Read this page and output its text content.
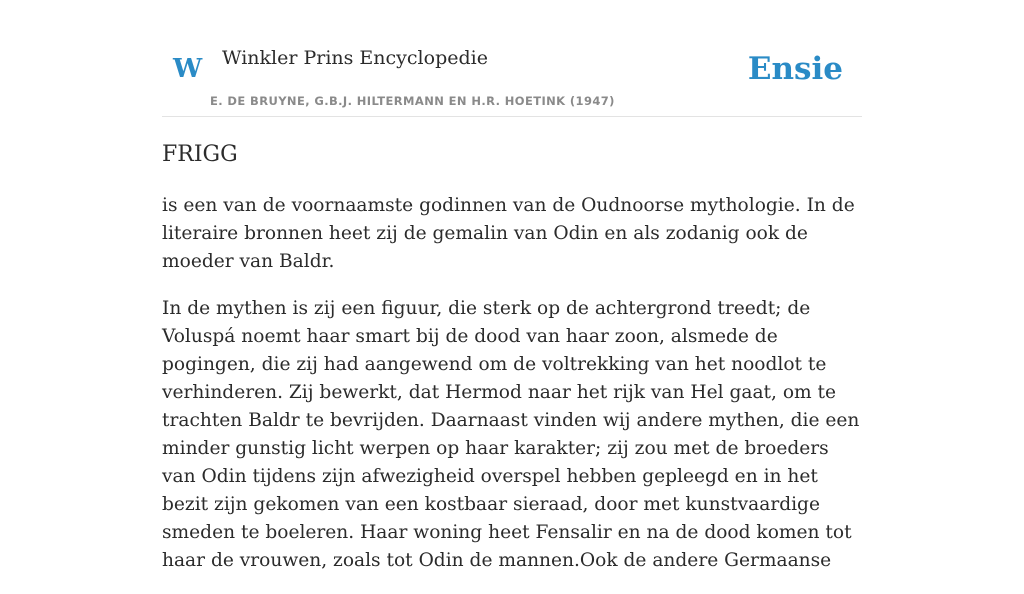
W Winkler Prins Encyclopedie
E. DE BRUYNE, G.B.J. HILTERMANN EN H.R. HOETINK (1947)
Ensie
FRIGG

is een van de voornaamste godinnen van de Oudnoorse mythologie. In de literaire bronnen heet zij de gemalin van Odin en als zodanig ook de moeder van Baldr.

In de mythen is zij een figuur, die sterk op de achtergrond treedt; de Voluspá noemt haar smart bij de dood van haar zoon, alsmede de pogingen, die zij had aangewend om de voltrekking van het noodlot te verhinderen. Zij bewerkt, dat Hermod naar het rijk van Hel gaat, om te trachten Baldr te bevrijden. Daarnaast vinden wij andere mythen, die een minder gunstig licht werpen op haar karakter; zij zou met de broeders van Odin tijdens zijn afwezigheid overspel hebben gepleegd en in het bezit zijn gekomen van een kostbaar sieraad, door met kunstvaardige smeden te boeleren. Haar woning heet Fensalir en na de dood komen tot haar de vrouwen, zoals tot Odin de mannen.Ook de andere Germaanse
